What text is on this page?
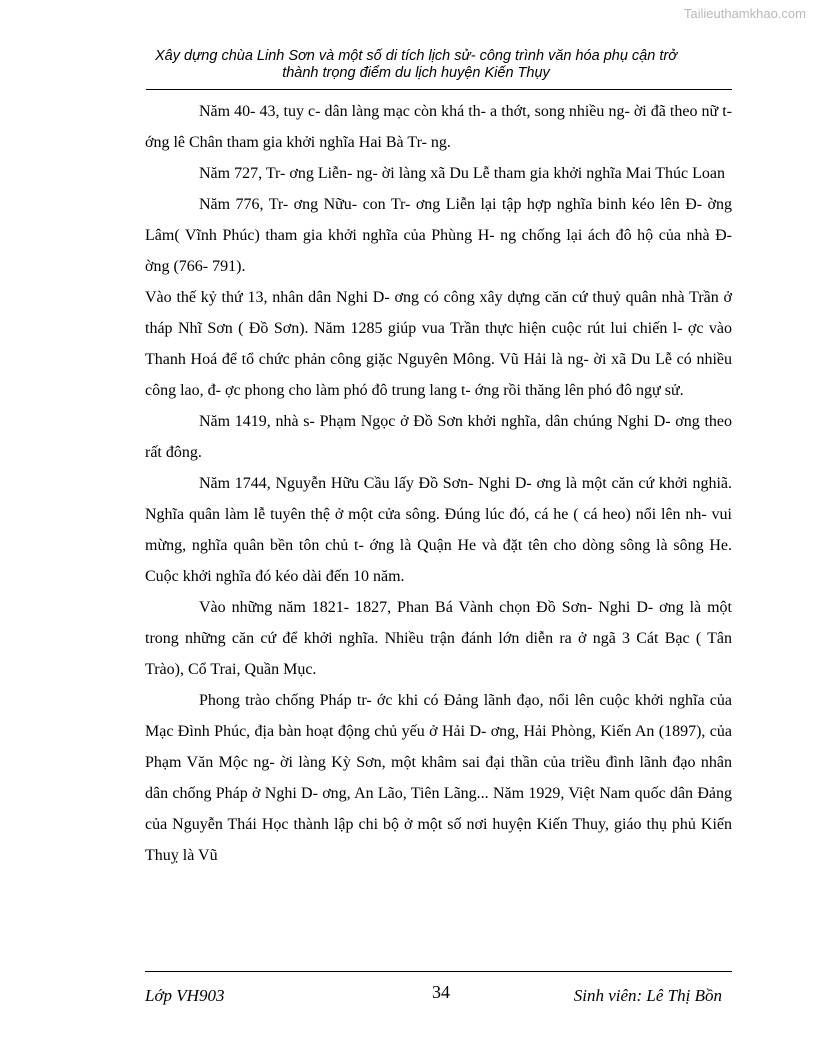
Tailieuthamkhao.com
Xây dựng chùa Linh Sơn và một số di tích lịch sử- công trình văn hóa phụ cận trở
thành trọng điểm du lịch huyện Kiến Thụy

Năm 40- 43, tuy c- dân làng mạc còn khá th- a thớt, song nhiều ng- ời đã theo nữ t- ớng lê Chân tham gia khởi nghĩa Hai Bà Tr- ng.

Năm 727, Tr- ơng Liễn- ng- ời làng xã Du Lễ tham gia khởi nghĩa Mai Thúc Loan

Năm 776, Tr- ơng Nữu- con Tr- ơng Liễn lại tập hợp nghĩa binh kéo lên Đ- ờng Lâm( Vĩnh Phúc) tham gia khởi nghĩa của Phùng H- ng chống lại ách đô hộ của nhà Đ- ờng (766- 791).

Vào thế kỷ thứ 13, nhân dân Nghi D- ơng có công xây dựng căn cứ thuỷ quân nhà Trần ở tháp Nhĩ Sơn ( Đồ Sơn). Năm 1285 giúp vua Trần thực hiện cuộc rút lui chiến l- ợc vào Thanh Hoá để tổ chức phản công giặc Nguyên Mông. Vũ Hải là ng- ời xã Du Lễ có nhiều công lao, đ- ợc phong cho làm phó đô trung lang t- ớng rồi thăng lên phó đô ngự sử.

Năm 1419, nhà s- Phạm Ngọc ở Đồ Sơn khởi nghĩa, dân chúng Nghi D- ơng theo rất đông.

Năm 1744, Nguyễn Hữu Cầu lấy Đồ Sơn- Nghi D- ơng là một căn cứ khởi nghiã. Nghĩa quân làm lễ tuyên thệ ở một cửa sông. Đúng lúc đó, cá he ( cá heo) nổi lên nh- vui mừng, nghĩa quân bền tôn chủ t- ớng là Quận He và đặt tên cho dòng sông là sông He. Cuộc khởi nghĩa đó kéo dài đến 10 năm.

Vào những năm 1821- 1827, Phan Bá Vành chọn Đồ Sơn- Nghi D- ơng là một trong những căn cứ để khởi nghĩa. Nhiều trận đánh lớn diễn ra ở ngã 3 Cát Bạc ( Tân Trào), Cổ Trai, Quần Mục.

Phong trào chống Pháp tr- ớc khi có Đảng lãnh đạo, nổi lên cuộc khởi nghĩa của Mạc Đình Phúc, địa bàn hoạt động chủ yếu ở Hải D- ơng, Hải Phòng, Kiến An (1897), của Phạm Văn Mộc ng- ời làng Kỳ Sơn, một khâm sai đại thần của triều đình lãnh đạo nhân dân chống Pháp ở Nghi D- ơng, An Lão, Tiên Lãng... Năm 1929, Việt Nam quốc dân Đảng của Nguyễn Thái Học thành lập chi bộ ở một số nơi huyện Kiến Thuy, giáo thụ phủ Kiến Thuỵ là Vũ

Lớp VH903	34	Sinh viên: Lê Thị Bồn
